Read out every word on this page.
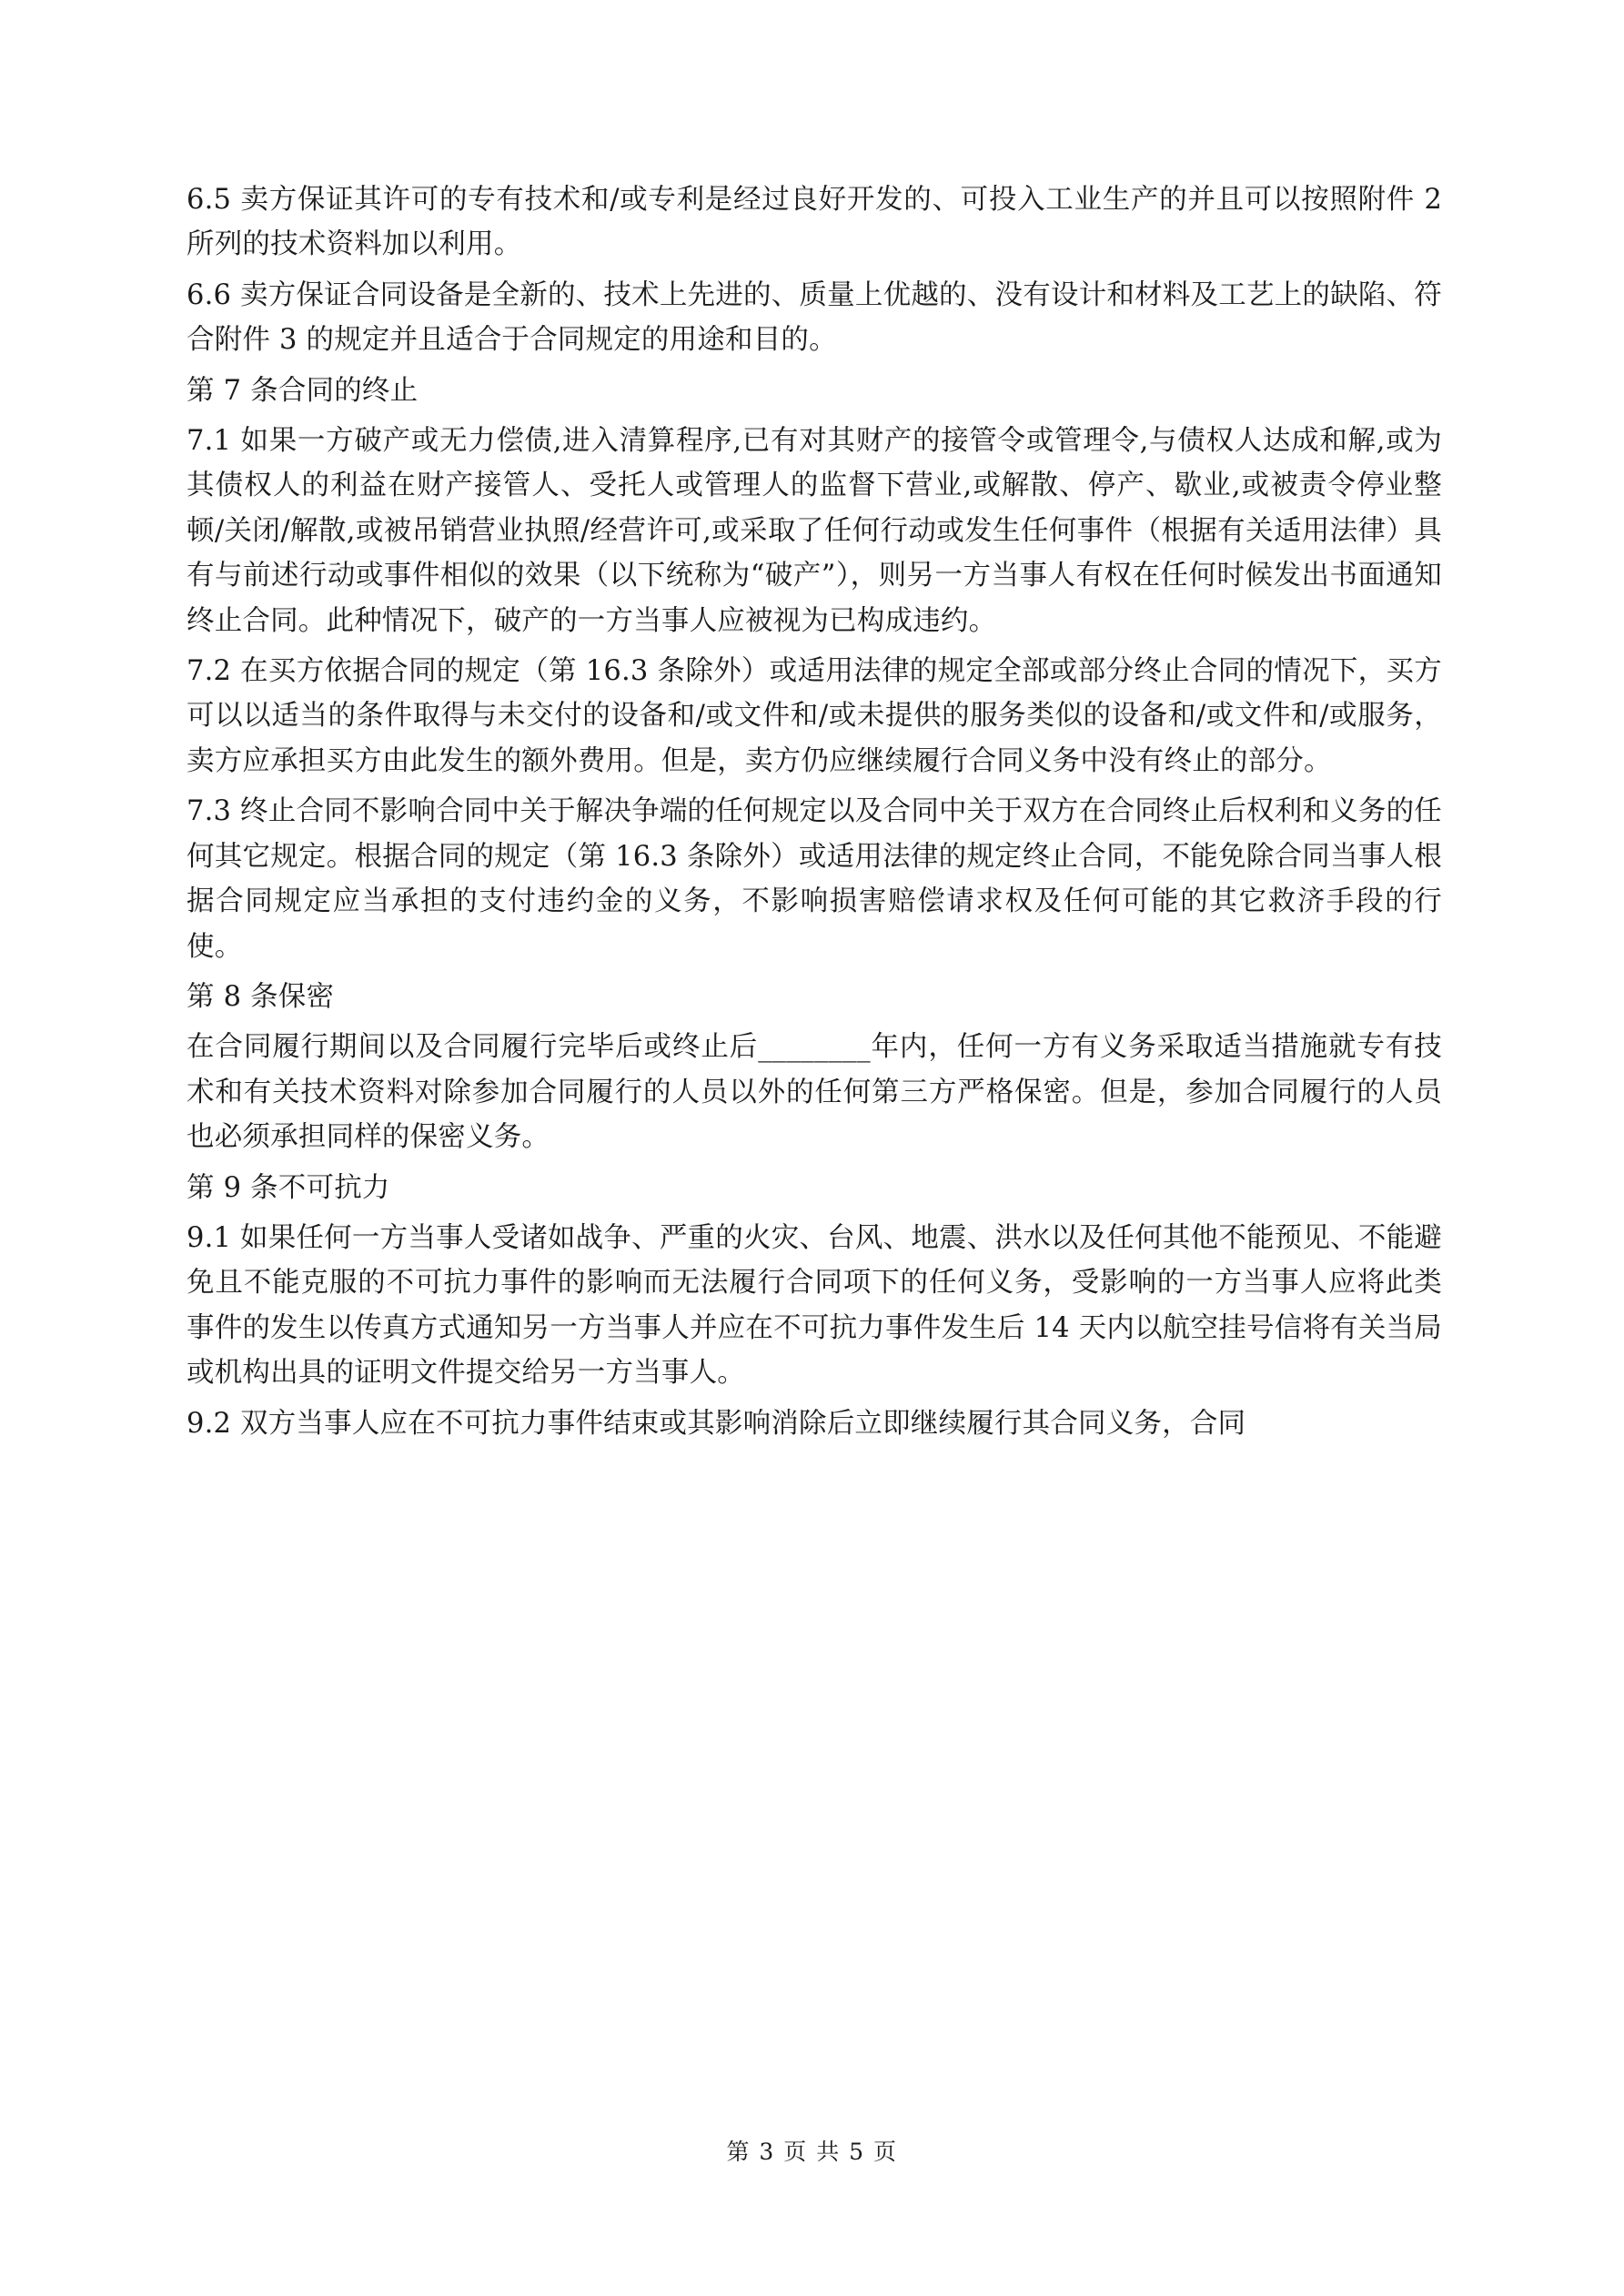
6.5 卖方保证其许可的专有技术和/或专利是经过良好开发的、可投入工业生产的并且可以按照附件 2 所列的技术资料加以利用。

6.6 卖方保证合同设备是全新的、技术上先进的、质量上优越的、没有设计和材料及工艺上的缺陷、符合附件 3 的规定并且适合于合同规定的用途和目的。

第 7 条合同的终止

7.1 如果一方破产或无力偿债,进入清算程序,已有对其财产的接管令或管理令,与债权人达成和解,或为其债权人的利益在财产接管人、受托人或管理人的监督下营业,或解散、停产、歇业,或被责令停业整顿/关闭/解散,或被吊销营业执照/经营许可,或采取了任何行动或发生任何事件（根据有关适用法律）具有与前述行动或事件相似的效果（以下统称为“破产”），则另一方当事人有权在任何时候发出书面通知终止合同。此种情况下，破产的一方当事人应被视为已构成违约。

7.2 在买方依据合同的规定（第 16.3 条除外）或适用法律的规定全部或部分终止合同的情况下，买方可以以适当的条件取得与未交付的设备和/或文件和/或未提供的服务类似的设备和/或文件和/或服务，卖方应承担买方由此发生的额外费用。但是，卖方仍应继续履行合同义务中没有终止的部分。

7.3 终止合同不影响合同中关于解决争端的任何规定以及合同中关于双方在合同终止后权利和义务的任何其它规定。根据合同的规定（第 16.3 条除外）或适用法律的规定终止合同，不能免除合同当事人根据合同规定应当承担的支付违约金的义务，不影响损害赔偿请求权及任何可能的其它救济手段的行使。

第 8 条保密

在合同履行期间以及合同履行完毕后或终止后________年内，任何一方有义务采取适当措施就专有技术和有关技术资料对除参加合同履行的人员以外的任何第三方严格保密。但是，参加合同履行的人员也必须承担同样的保密义务。

第 9 条不可抗力

9.1 如果任何一方当事人受诸如战争、严重的火灾、台风、地震、洪水以及任何其他不能预见、不能避免且不能克服的不可抗力事件的影响而无法履行合同项下的任何义务，受影响的一方当事人应将此类事件的发生以传真方式通知另一方当事人并应在不可抗力事件发生后 14 天内以航空挂号信将有关当局或机构出具的证明文件提交给另一方当事人。

9.2 双方当事人应在不可抗力事件结束或其影响消除后立即继续履行其合同义务，合同

第 3 页 共 5 页
